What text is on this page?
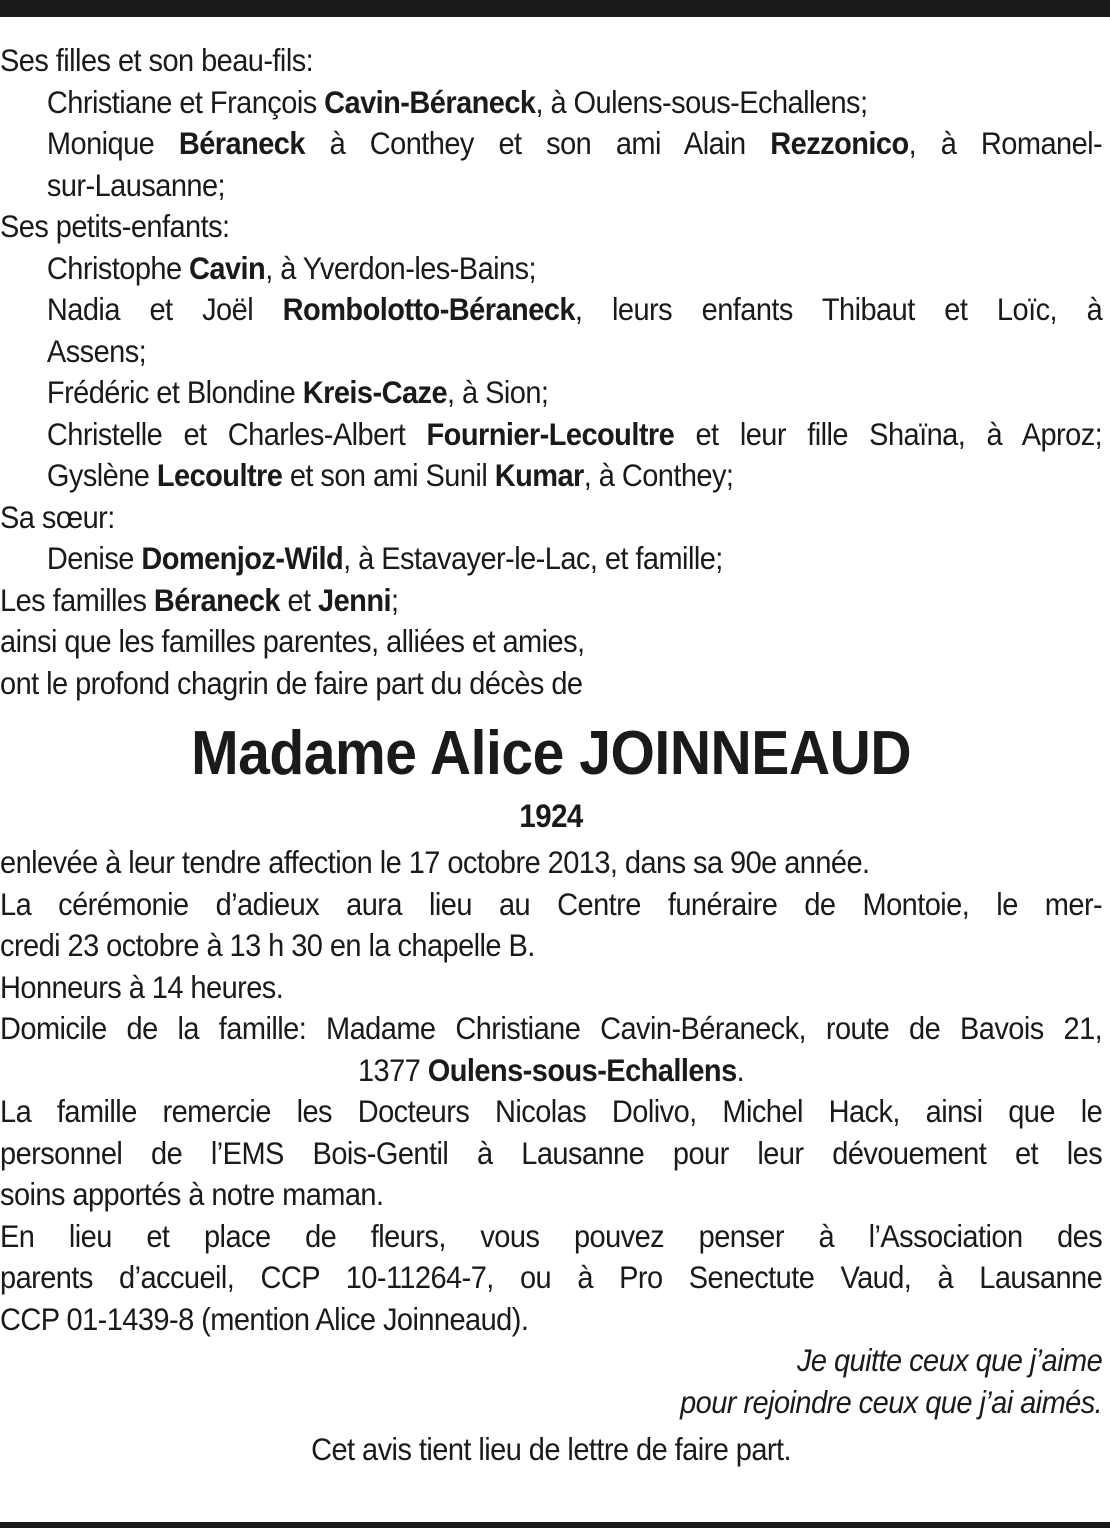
Ses filles et son beau-fils:
Christiane et François Cavin-Béraneck, à Oulens-sous-Echallens;
Monique Béraneck à Conthey et son ami Alain Rezzonico, à Romanel-
sur-Lausanne;
Ses petits-enfants:
Christophe Cavin, à Yverdon-les-Bains;
Nadia et Joël Rombolotto-Béraneck, leurs enfants Thibaut et Loïc, à
Assens;
Frédéric et Blondine Kreis-Caze, à Sion;
Christelle et Charles-Albert Fournier-Lecoultre et leur fille Shaïna, à Aproz;
Gyslène Lecoultre et son ami Sunil Kumar, à Conthey;
Sa sœur:
Denise Domenjoz-Wild, à Estavayer-le-Lac, et famille;
Les familles Béraneck et Jenni;
ainsi que les familles parentes, alliées et amies,
ont le profond chagrin de faire part du décès de
Madame Alice JOINNEAUD
1924
enlevée à leur tendre affection le 17 octobre 2013, dans sa 90e année.
La cérémonie d’adieux aura lieu au Centre funéraire de Montoie, le mer-
credi 23 octobre à 13 h 30 en la chapelle B.
Honneurs à 14 heures.
Domicile de la famille: Madame Christiane Cavin-Béraneck, route de Bavois 21,
1377 Oulens-sous-Echallens.
La famille remercie les Docteurs Nicolas Dolivo, Michel Hack, ainsi que le
personnel de l’EMS Bois-Gentil à Lausanne pour leur dévouement et les
soins apportés à notre maman.
En lieu et place de fleurs, vous pouvez penser à l’Association des
parents d’accueil, CCP 10-11264-7, ou à Pro Senectute Vaud, à Lausanne
CCP 01-1439-8 (mention Alice Joinneaud).
Je quitte ceux que j’aime
pour rejoindre ceux que j’ai aimés.
Cet avis tient lieu de lettre de faire part.
